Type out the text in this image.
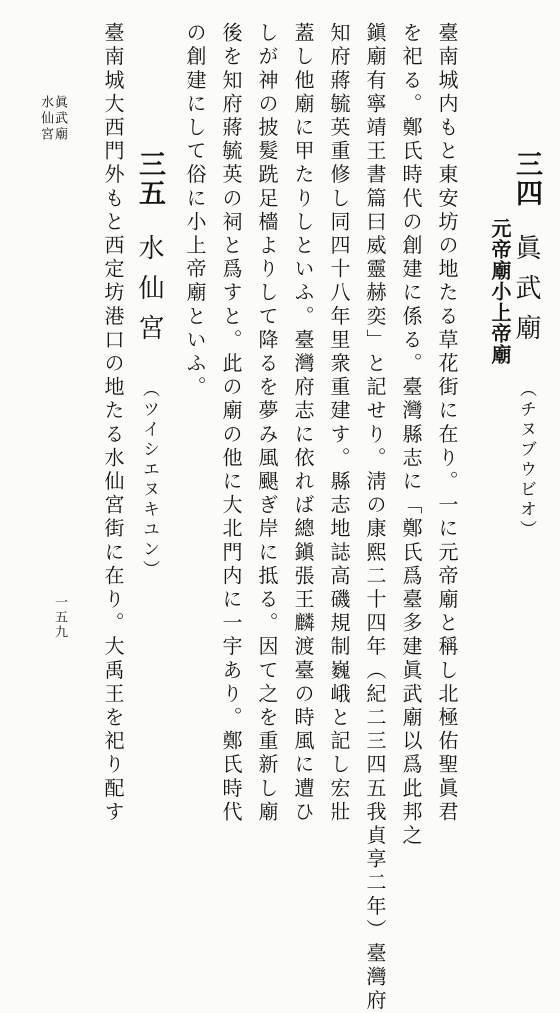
三四眞武廟（チヌブウビオ）
元帝廟小上帝廟
臺南城内もと東安坊の地たる草花街に在り。一に元帝廟と稱し北極佑聖眞君
を祀る。鄭氏時代の創建に係る。臺灣縣志に「鄭氏爲臺多建眞武廟以爲此邦之
鎭廟有寧靖王書篇曰威靈赫奕」と記せり。淸の康熙二十四年（紀二三四五我貞享二年）臺灣府
知府蔣毓英重修し同四十八年里衆重建す。縣志地誌高磯規制巍峨と記し宏壯
蓋し他廟に甲たりしといふ。臺灣府志に依れば總鎭張王麟渡臺の時風に遭ひ
しが神の披髮跣足檣よりして降るを夢み風颶ぎ岸に抵る。因て之を重新し廟
後を知府蔣毓英の祠と爲すと。此の廟の他に大北門内に一宇あり。鄭氏時代
の創建にして俗に小上帝廟といふ。
三五水仙宮（ツイシエヌキユン）
臺南城大西門外もと西定坊港口の地たる水仙宮街に在り。大禹王を祀り配す
眞武廟
水仙宮
一五九
